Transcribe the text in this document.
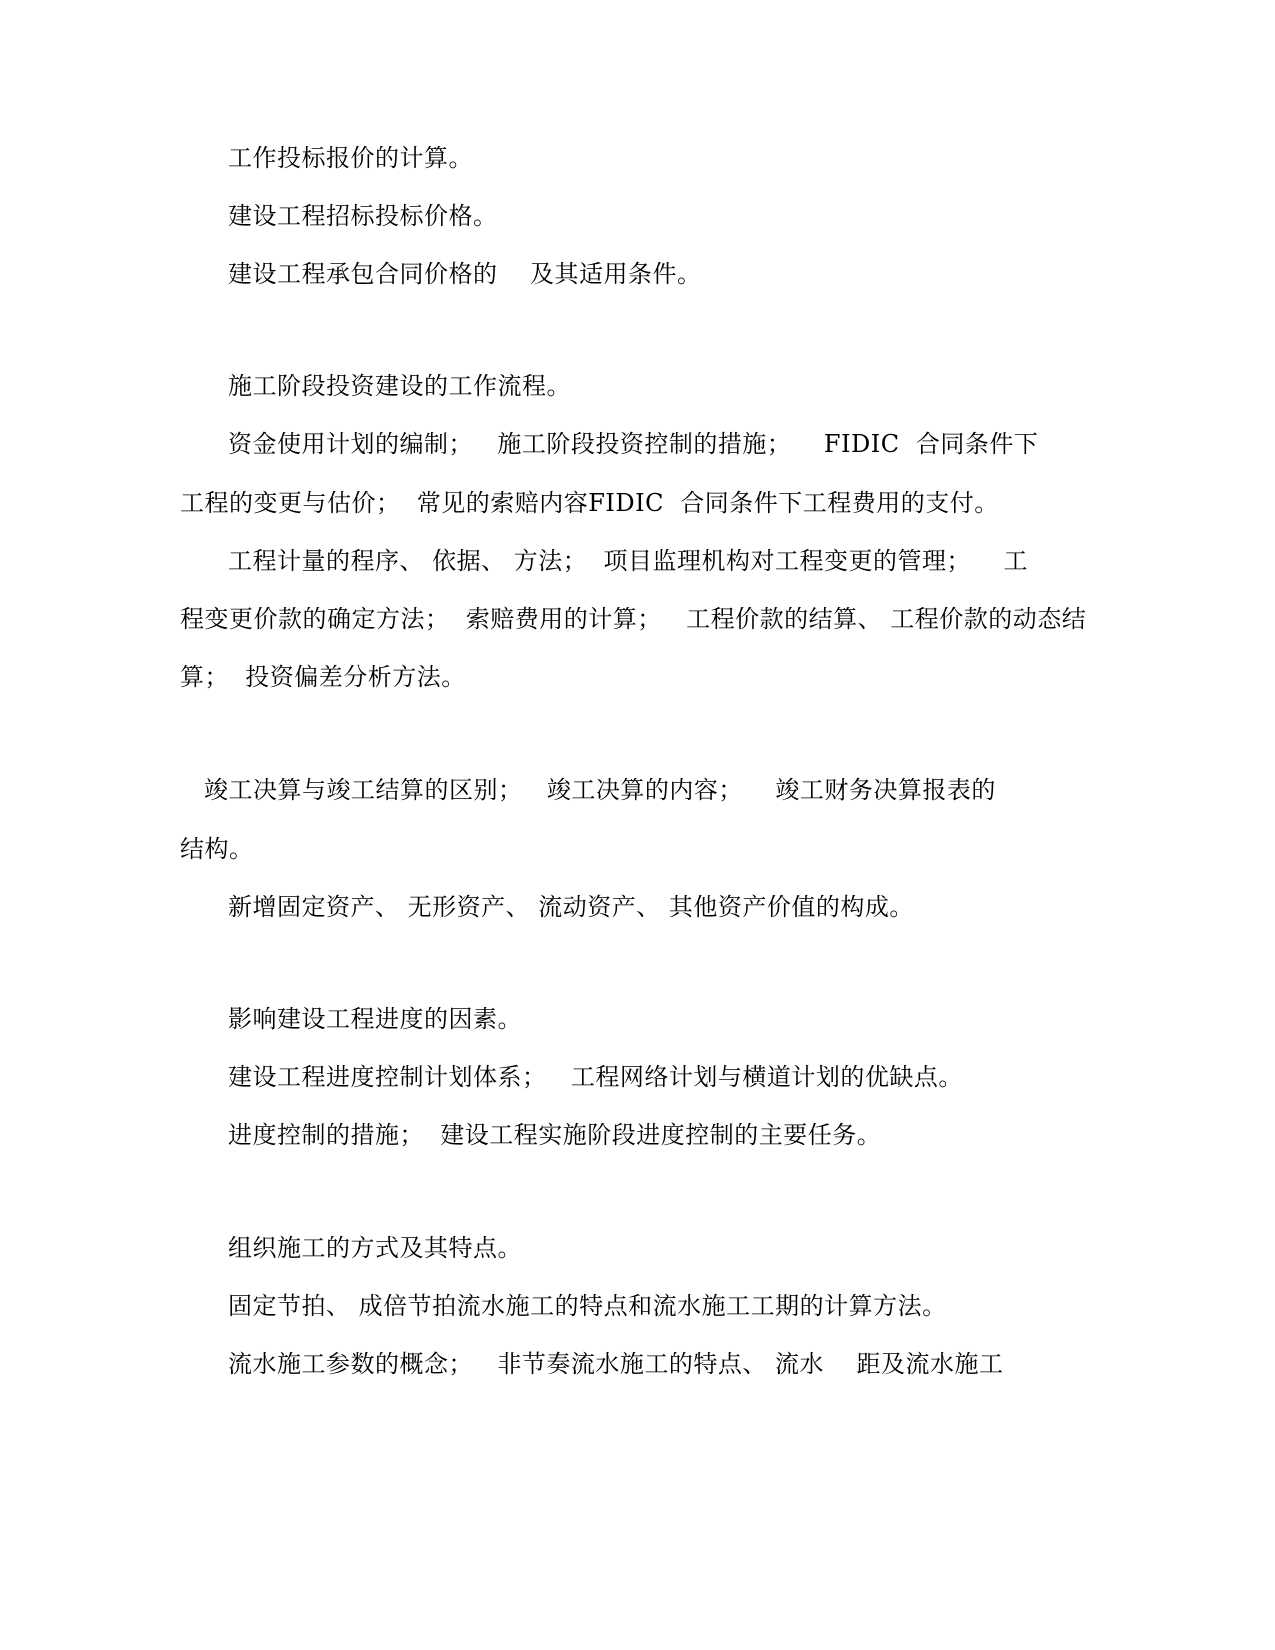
工作投标报价的计算。
建设工程招标投标价格。
建设工程承包合同价格的    及其适用条件。
施工阶段投资建设的工作流程。
资金使用计划的编制；   施工阶段投资控制的措施；    FIDIC  合同条件下
工程的变更与估价；  常见的索赔内容FIDIC  合同条件下工程费用的支付。
工程计量的程序、 依据、 方法；  项目监理机构对工程变更的管理；    工
程变更价款的确定方法；  索赔费用的计算；   工程价款的结算、 工程价款的动态结
算；  投资偏差分析方法。
竣工决算与竣工结算的区别；   竣工决算的内容；    竣工财务决算报表的
结构。
新增固定资产、 无形资产、 流动资产、 其他资产价值的构成。
影响建设工程进度的因素。
建设工程进度控制计划体系；   工程网络计划与横道计划的优缺点。
进度控制的措施；  建设工程实施阶段进度控制的主要任务。
组织施工的方式及其特点。
固定节拍、 成倍节拍流水施工的特点和流水施工工期的计算方法。
流水施工参数的概念；   非节奏流水施工的特点、 流水    距及流水施工
